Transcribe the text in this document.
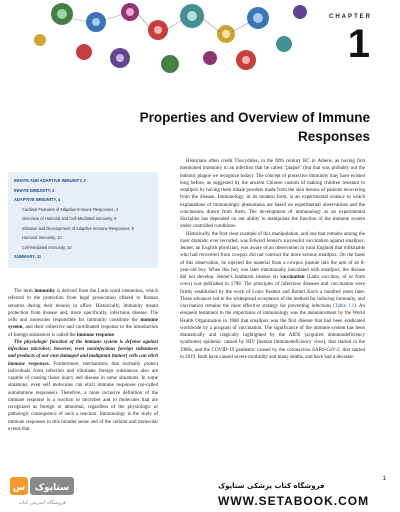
CHAPTER
1
Properties and Overview of Immune Responses
INNATE AND ADAPTIVE IMMUNITY, 2
INNATE IMMUNITY, 3
ADAPTIVE IMMUNITY, 4
Cardinal Features of Adaptive Immune Responses, 4
Overview of Humoral and Cell-Mediated Immunity, 6
Initiation and Development of Adaptive Immune Responses, 8
Humoral Immunity, 10
Cell-Mediated Immunity, 10
SUMMARY, 11

The term immunity is derived from the Latin word immunitas, which referred to the protection from legal prosecution offered to Roman senators during their tenures in office. Historically, immunity meant protection from disease and, more specifically, infectious disease. The cells and molecules responsible for immunity constitute the immune system, and their collective and coordinated response to the introduction of foreign substances is called the immune response.

The physiologic function of the immune system is defense against infectious microbes; however, even noninfectious foreign substances and products of our own damaged and malignant (tumor) cells can elicit immune responses. Furthermore, mechanisms that normally protect individuals from infection and eliminate foreign substances also are capable of causing tissue injury and disease in some situations. In some situations, even self molecules can elicit immune responses (so-called autoimmune responses). Therefore, a more inclusive definition of the immune response is a reaction to microbes and to molecules that are recognized as foreign or abnormal, regardless of the physiologic or pathologic consequence of such a reaction. Immunology is the study of immune responses in this broader sense and of the cellular and molecular events that

Historians often credit Thucydides, in the fifth century BC in Athens, as having first mentioned immunity to an infection that he called "plague" (but that was probably not the bubonic plague we recognize today). The concept of protective immunity may have existed long before, as suggested by the ancient Chinese custom of making children resistant to smallpox by having them inhale powders made from the skin lesions of patients recovering from the disease. Immunology, in its modern form, is an experimental science in which explanations of immunologic phenomena are based on experimental observations and the conclusions drawn from them. The development of immunology as an experimental discipline has depended on our ability to manipulate the function of the immune system under controlled conditions.

Historically, the first clear example of this manipulation, and one that remains among the most dramatic ever recorded, was Edward Jenner's successful vaccination against smallpox. Jenner, an English physician, was aware of an observation in rural England that milkmaids who had recovered from cowpox did not contract the more serious smallpox. On the basis of this observation, he injected the material from a cowpox pustule into the arm of an 8-year-old boy. When this boy was later intentionally inoculated with smallpox, the disease did not develop. Jenner's landmark treatise on vaccination (Latin vaccinus, of or from cows) was published in 1798. The principles of infectious diseases and vaccination were firmly established by the work of Louis Pasteur and Robert Koch a hundred years later. These advances led to the widespread acceptance of the method for inducing immunity, and vaccination remains the most effective strategy for preventing infections (Table 1.1). An eloquent testament to the importance of immunology was the announcement by the World Health Organization in 1980 that smallpox was the first disease that had been eradicated worldwide by a program of vaccination. The significance of the immune system has been dramatically and tragically highlighted by the AIDS (acquired immunodeficiency syndrome) epidemic caused by HIV (human immunodeficiency virus), that started in the 1980s, and the COVID-19 pandemic caused by the coronavirus SARS-CoV-2, that started in 2019. Both have caused severe morbidity and many deaths, and have had a devastat-

س ستاپوک
فروشگاه اینترنتی کتاب
فروشگاه کتاب پزشکی ستاپوک
WWW.SETABOOK.COM
1
